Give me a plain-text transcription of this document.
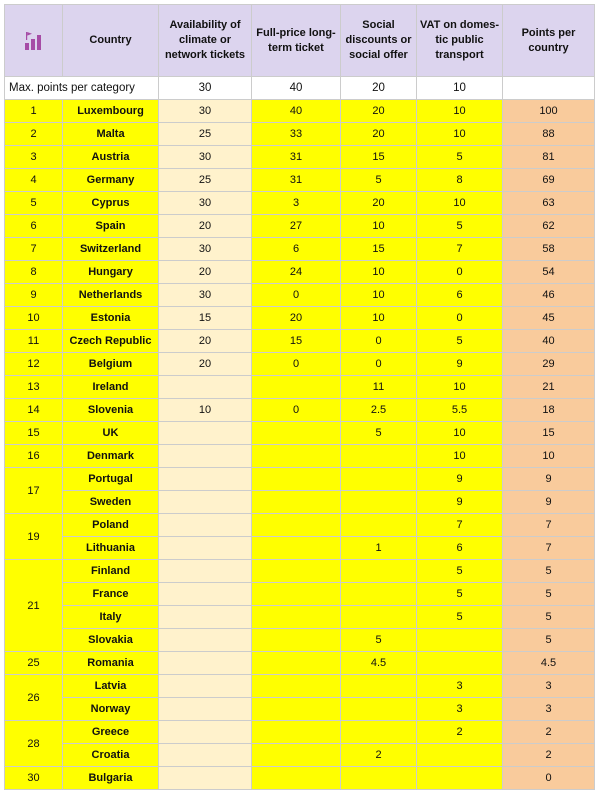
	Country	Availability of climate or network tickets	Full-price long-term ticket	Social discounts or social offer	VAT on domes-tic public transport	Points per country
Max. points per category		30	40	20	10	
1	Luxembourg	30	40	20	10	100
2	Malta	25	33	20	10	88
3	Austria	30	31	15	5	81
4	Germany	25	31	5	8	69
5	Cyprus	30	3	20	10	63
6	Spain	20	27	10	5	62
7	Switzerland	30	6	15	7	58
8	Hungary	20	24	10	0	54
9	Netherlands	30	0	10	6	46
10	Estonia	15	20	10	0	45
11	Czech Republic	20	15	0	5	40
12	Belgium	20	0	0	9	29
13	Ireland			11	10	21
14	Slovenia	10	0	2.5	5.5	18
15	UK			5	10	15
16	Denmark				10	10
17	Portugal				9	9
	Sweden				9	9
19	Poland				7	7
	Lithuania			1	6	7
21	Finland				5	5
	France				5	5
	Italy				5	5
	Slovakia			5		5
25	Romania			4.5		4.5
26	Latvia				3	3
	Norway				3	3
28	Greece				2	2
	Croatia			2		2
30	Bulgaria					0
